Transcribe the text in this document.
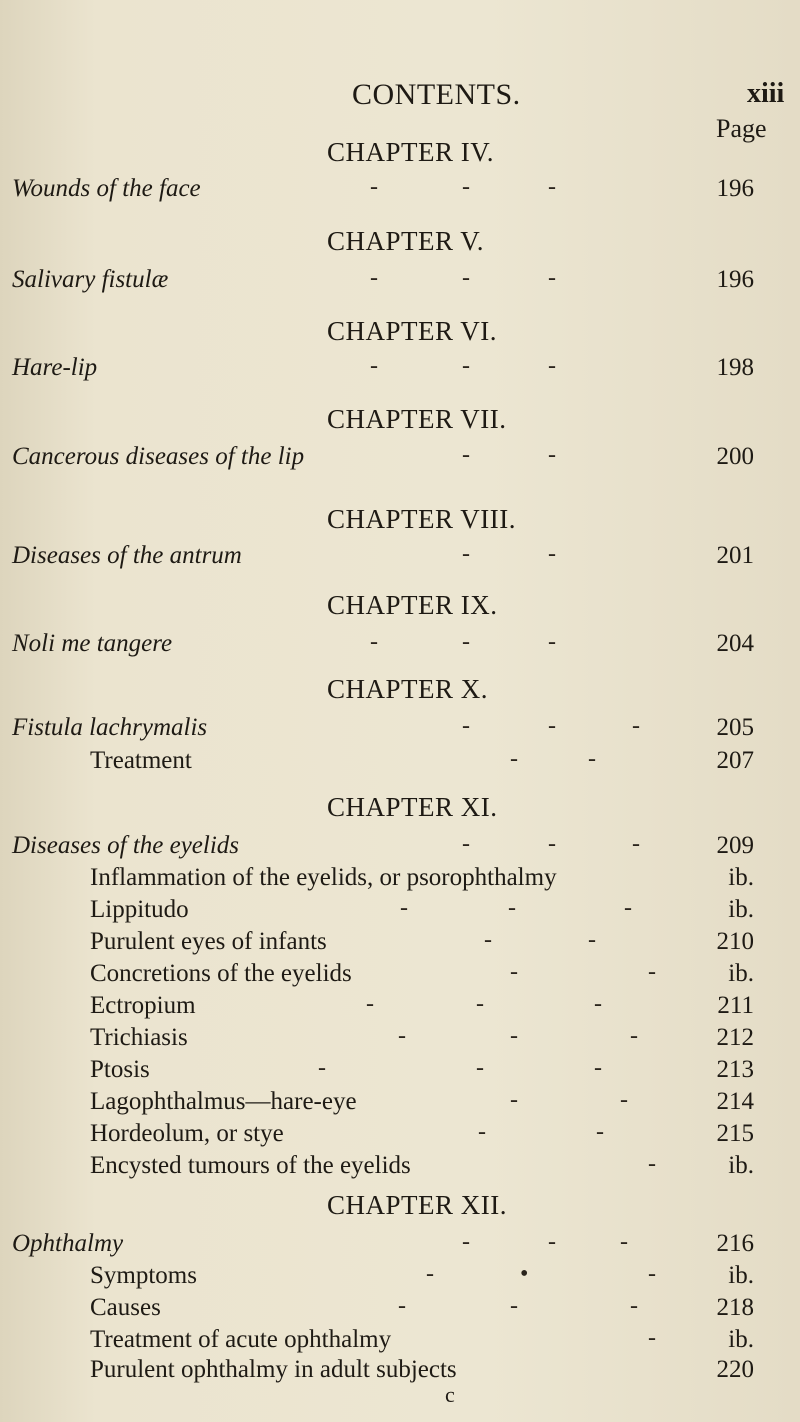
CONTENTS.	xiii
Page
CHAPTER IV.
Wounds of the face	-	-	-	196
CHAPTER V.
Salivary fistulæ	-	-	-	196
CHAPTER VI.
Hare-lip	-	-	-	198
CHAPTER VII.
Cancerous diseases of the lip	-	-	200
CHAPTER VIII.
Diseases of the antrum	-	-	201
CHAPTER IX.
Noli me tangere	-	-	-	204
CHAPTER X.
Fistula lachrymalis	-	-	-	205
Treatment	-	-	207
CHAPTER XI.
Diseases of the eyelids	-	-	-	209
Inflammation of the eyelids, or psorophthalmy	ib.
Lippitudo	-	-	-	ib.
Purulent eyes of infants	-	-	210
Concretions of the eyelids	-	-	ib.
Ectropium	-	-	-	211
Trichiasis	-	-	-	212
Ptosis	-	-	-	213
Lagophthalmus—hare-eye	-	-	214
Hordeolum, or stye	-	-	215
Encysted tumours of the eyelids	-	ib.
CHAPTER XII.
Ophthalmy	-	-	-	216
Symptoms	-	•	-	ib.
Causes	-	-	-	218
Treatment of acute ophthalmy	-	ib.
Purulent ophthalmy in adult subjects	220
c
